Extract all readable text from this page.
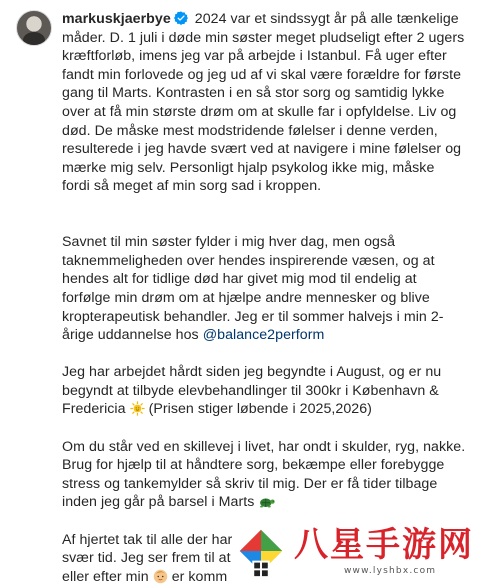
markuskjaerbye 2024 var et sindssygt år på alle tænkelige måder. D. 1 juli i døde min søster meget pludseligt efter 2 ugers kræftforløb, imens jeg var på arbejde i Istanbul. Få uger efter fandt min forlovede og jeg ud af vi skal være forældre for første gang til Marts. Kontrasten i en så stor sorg og samtidig lykke over at få min største drøm om at skulle far i opfyldelse. Liv og død. De måske mest modstridende følelser i denne verden, resulterede i jeg havde svært ved at navigere i mine følelser og mærke mig selv. Personligt hjalp psykolog ikke mig, måske fordi så meget af min sorg sad i kroppen.
Savnet til min søster fylder i mig hver dag, men også taknemmeligheden over hendes inspirerende væsen, og at hendes alt for tidlige død har givet mig mod til endelig at forfølge min drøm om at hjælpe andre mennesker og blive kropterapeutisk behandler. Jeg er til sommer halvejs i min 2-årige uddannelse hos @balance2perform
Jeg har arbejdet hårdt siden jeg begyndte i August, og er nu begyndt at tilbyde elevbehandlinger til 300kr i København & Fredericia (Prisen stiger løbende i 2025,2026)
Om du står ved en skillevej i livet, har ondt i skulder, ryg, nakke. Brug for hjælp til at håndtere sorg, bekæmpe eller forebygge stress og tankemylder så skriv til mig. Der er få tider tilbage inden jeg går på barsel i Marts
Af hjertet tak til alle der har
svær tid. Jeg ser frem til at
eller efter min er komm
八星手游网
www.lyshbx.com
